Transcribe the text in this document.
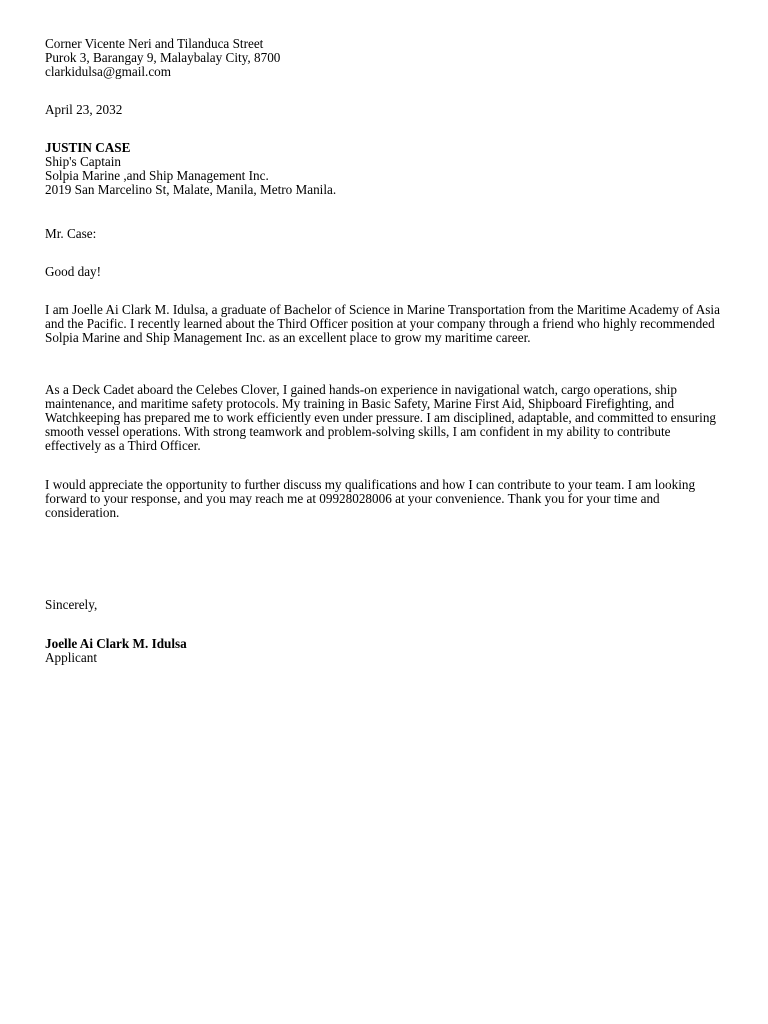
Corner Vicente Neri and Tilanduca Street
Purok 3, Barangay 9, Malaybalay City, 8700
clarkidulsa@gmail.com
April 23, 2032
JUSTIN CASE
Ship's Captain
Solpia Marine ,and Ship Management Inc.
2019 San Marcelino St, Malate, Manila, Metro Manila.
Mr. Case:
Good day!

I am Joelle Ai Clark M. Idulsa, a graduate of Bachelor of Science in Marine Transportation from the Maritime Academy of Asia and the Pacific. I recently learned about the Third Officer position at your company through a friend who highly recommended Solpia Marine and Ship Management Inc. as an excellent place to grow my maritime career.

As a Deck Cadet aboard the Celebes Clover, I gained hands-on experience in navigational watch, cargo operations, ship maintenance, and maritime safety protocols. My training in Basic Safety, Marine First Aid, Shipboard Firefighting, and Watchkeeping has prepared me to work efficiently even under pressure. I am disciplined, adaptable, and committed to ensuring smooth vessel operations. With strong teamwork and problem-solving skills, I am confident in my ability to contribute effectively as a Third Officer.

I would appreciate the opportunity to further discuss my qualifications and how I can contribute to your team. I am looking forward to your response, and you may reach me at 09928028006 at your convenience. Thank you for your time and consideration.

Sincerely,
Joelle Ai Clark M. Idulsa
Applicant
